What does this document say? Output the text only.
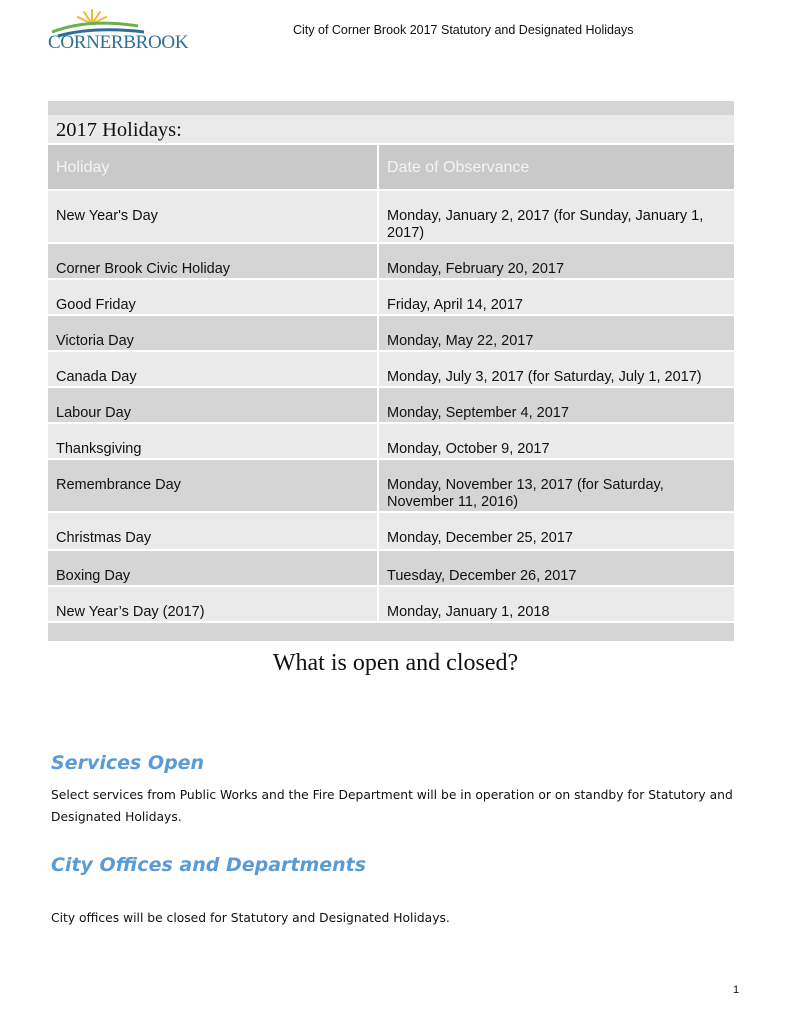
CORNERBROOK
City of Corner Brook 2017 Statutory and Designated Holidays
2017 Holidays:
Holiday	Date of Observance
New Year's Day	Monday, January 2, 2017 (for Sunday, January 1, 2017)
Corner Brook Civic Holiday	Monday, February 20, 2017
Good Friday	Friday, April 14, 2017
Victoria Day	Monday, May 22, 2017
Canada Day	Monday, July 3, 2017 (for Saturday, July 1, 2017)
Labour Day	Monday, September 4, 2017
Thanksgiving	Monday, October 9, 2017
Remembrance Day	Monday, November 13, 2017 (for Saturday, November 11, 2016)
Christmas Day	Monday, December 25, 2017
Boxing Day	Tuesday, December 26, 2017
New Year’s Day (2017)	Monday, January 1, 2018
What is open and closed?
Services Open
Select services from Public Works and the Fire Department will be in operation or on standby for Statutory and Designated Holidays.
City Offices and Departments
City offices will be closed for Statutory and Designated Holidays.
1
